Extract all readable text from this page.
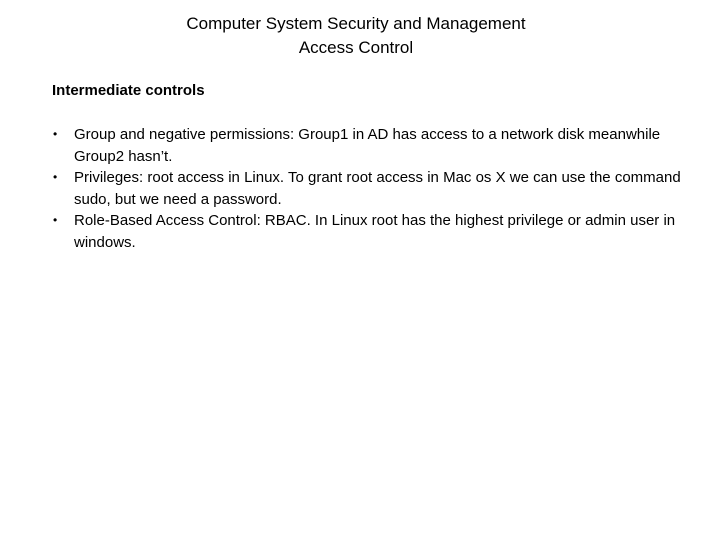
Computer System Security and Management
Access Control
Intermediate controls
• Group and negative permissions: Group1 in AD has access to a network disk meanwhile Group2 hasn’t.
• Privileges: root access in Linux. To grant root access in Mac os X we can use the command sudo, but we need a password.
• Role-Based Access Control: RBAC. In Linux root has the highest privilege or admin user in windows.
